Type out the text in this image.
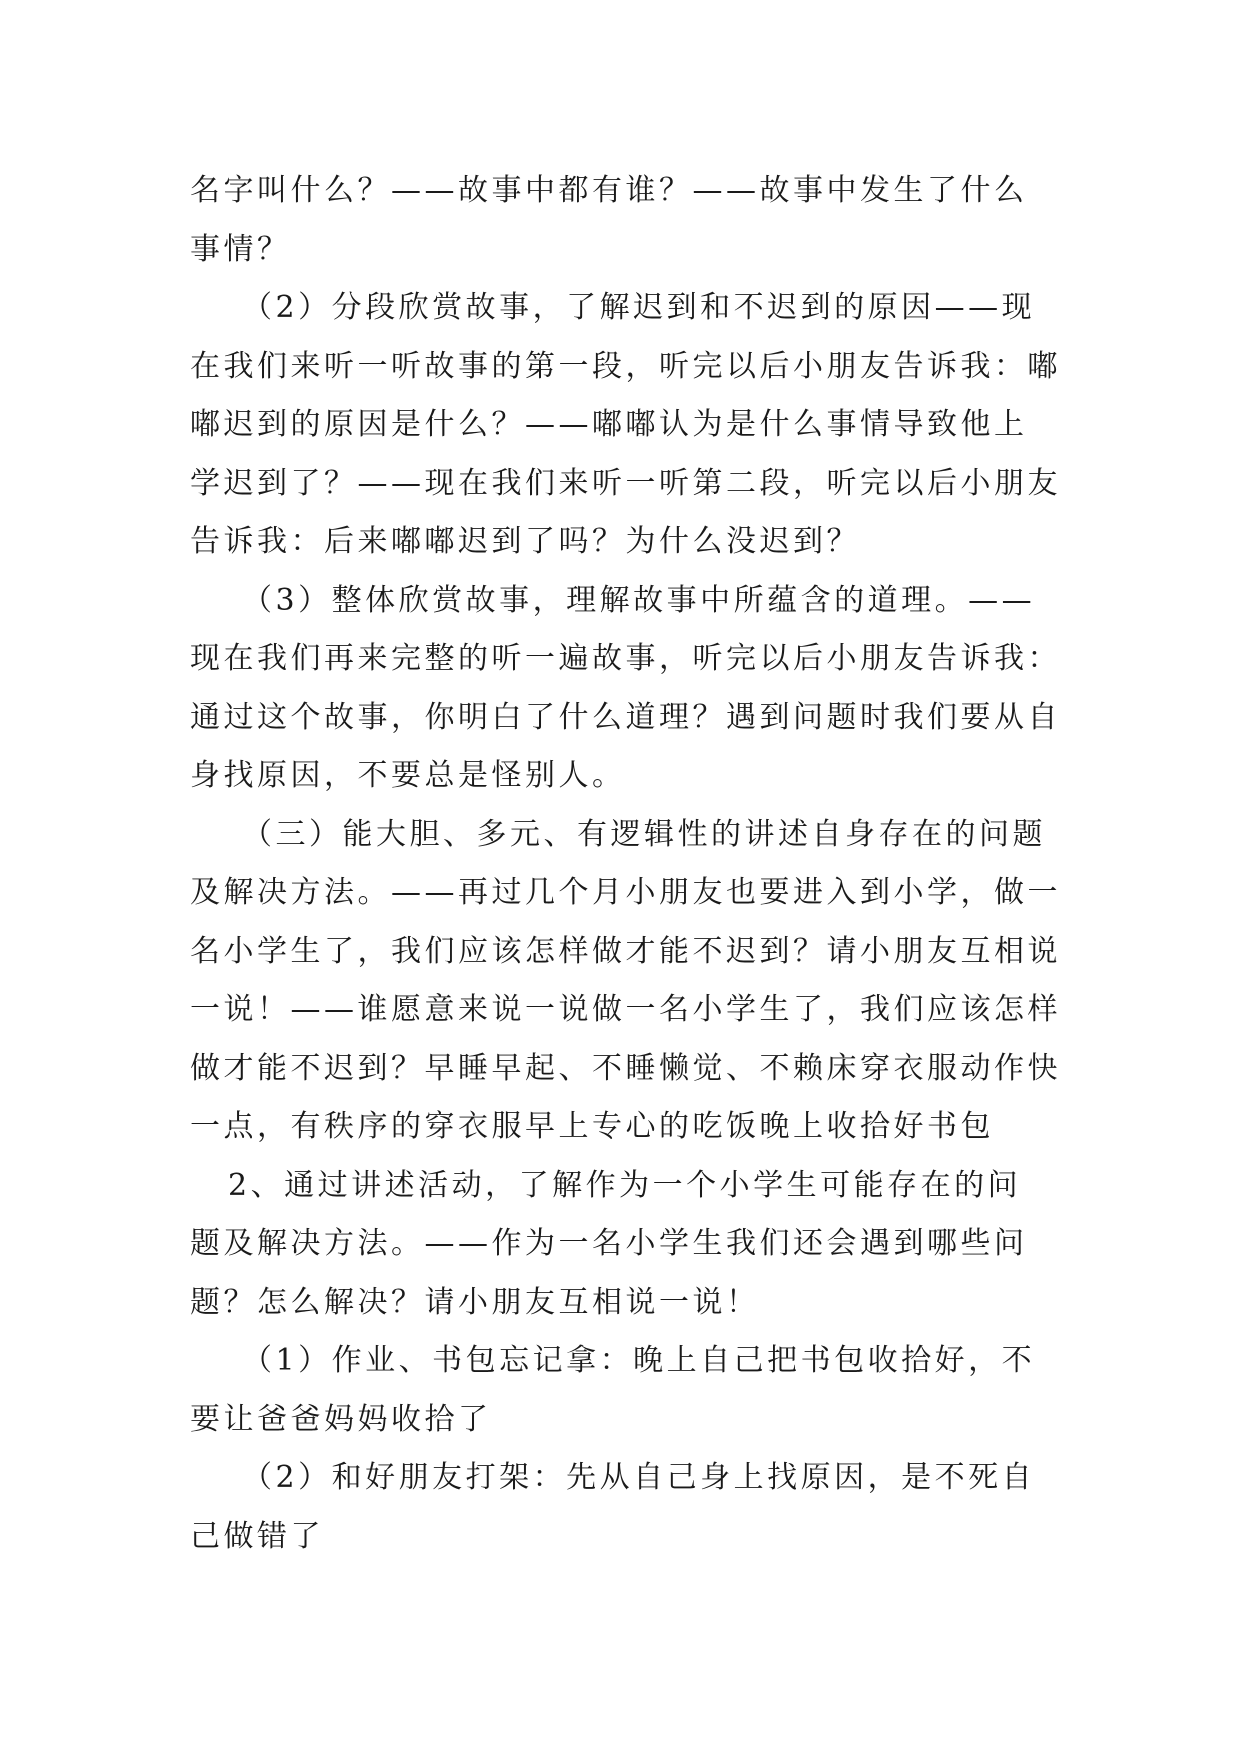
名字叫什么？——故事中都有谁？——故事中发生了什么
事情？
（2）分段欣赏故事，了解迟到和不迟到的原因——现
在我们来听一听故事的第一段，听完以后小朋友告诉我：嘟
嘟迟到的原因是什么？——嘟嘟认为是什么事情导致他上
学迟到了？——现在我们来听一听第二段，听完以后小朋友
告诉我：后来嘟嘟迟到了吗？为什么没迟到？
（3）整体欣赏故事，理解故事中所蕴含的道理。——
现在我们再来完整的听一遍故事，听完以后小朋友告诉我：
通过这个故事，你明白了什么道理？遇到问题时我们要从自
身找原因，不要总是怪别人。
（三）能大胆、多元、有逻辑性的讲述自身存在的问题
及解决方法。——再过几个月小朋友也要进入到小学，做一
名小学生了，我们应该怎样做才能不迟到？请小朋友互相说
一说！——谁愿意来说一说做一名小学生了，我们应该怎样
做才能不迟到？早睡早起、不睡懒觉、不赖床穿衣服动作快
一点，有秩序的穿衣服早上专心的吃饭晚上收拾好书包
2、通过讲述活动，了解作为一个小学生可能存在的问
题及解决方法。——作为一名小学生我们还会遇到哪些问
题？怎么解决？请小朋友互相说一说！
（1）作业、书包忘记拿：晚上自己把书包收拾好，不
要让爸爸妈妈收拾了
（2）和好朋友打架：先从自己身上找原因，是不死自
己做错了
